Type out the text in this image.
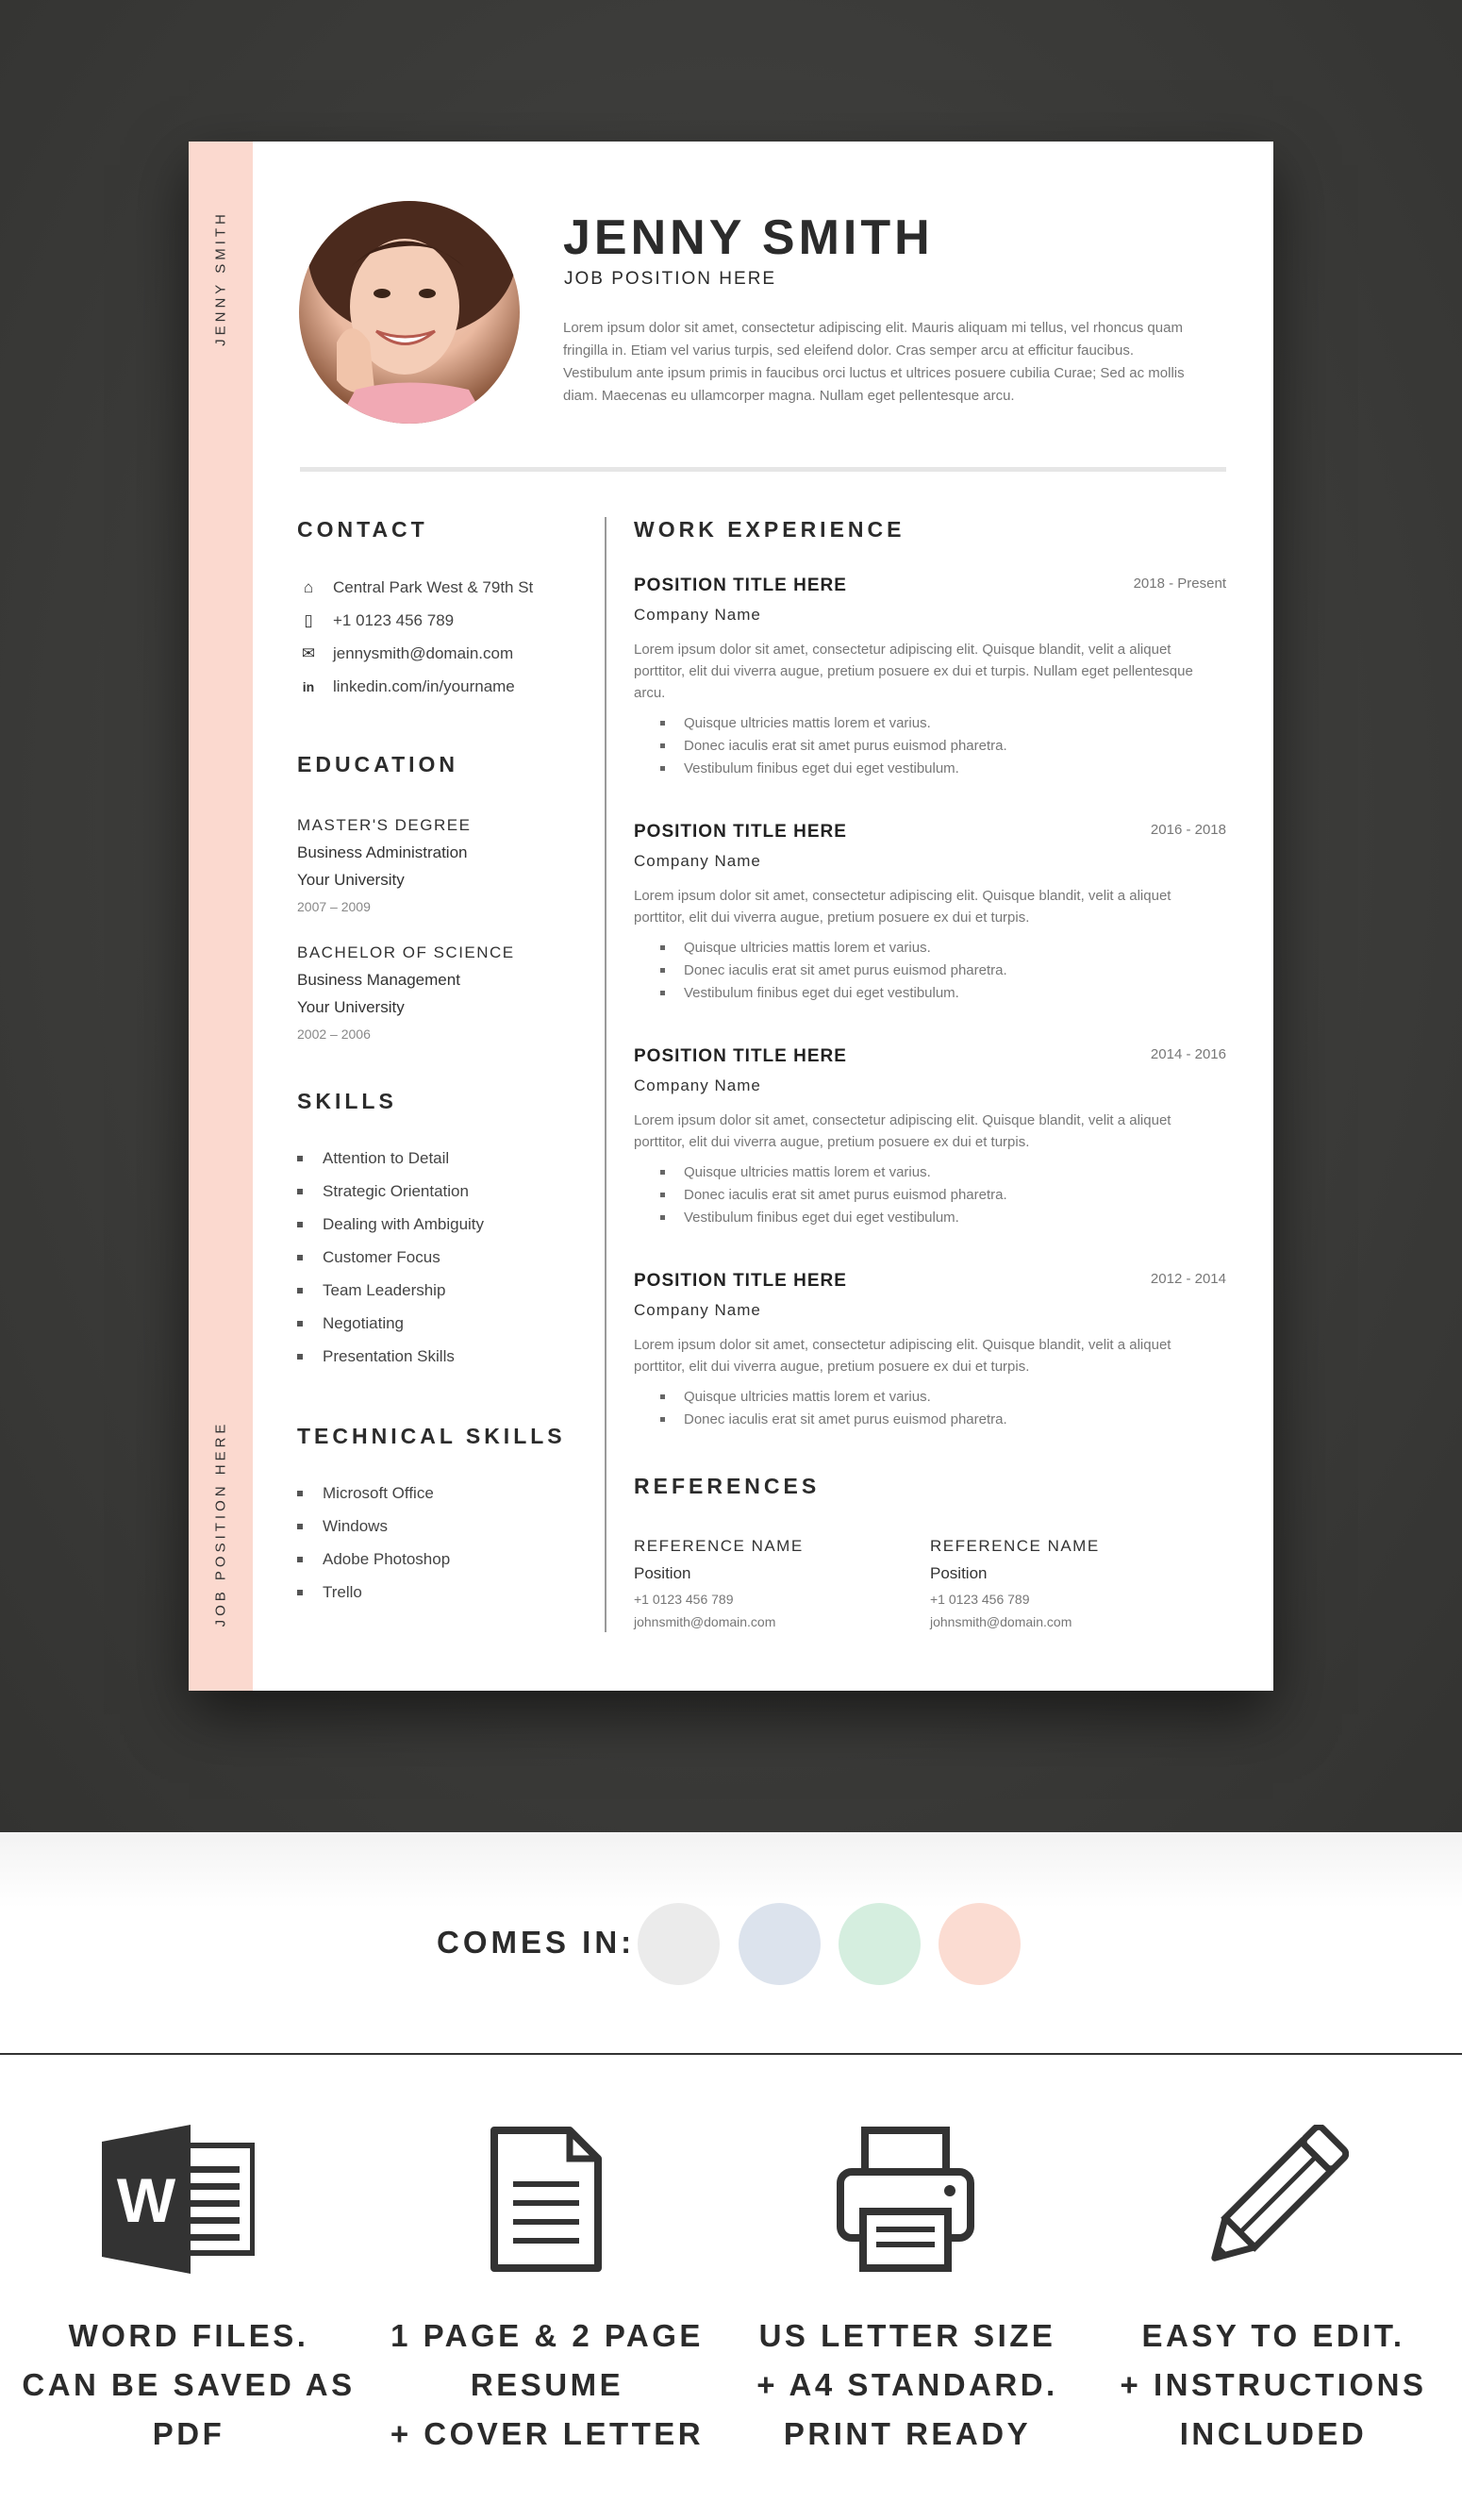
JENNY SMITH
JOB POSITION HERE
JENNY SMITH
JOB POSITION HERE
Lorem ipsum dolor sit amet, consectetur adipiscing elit. Mauris aliquam mi tellus, vel rhoncus quam fringilla in. Etiam vel varius turpis, sed eleifend dolor. Cras semper arcu at efficitur faucibus. Vestibulum ante ipsum primis in faucibus orci luctus et ultrices posuere cubilia Curae; Sed ac mollis diam. Maecenas eu ullamcorper magna. Nullam eget pellentesque arcu.
CONTACT
⌂ Central Park West & 79th St
▯	+1 0123 456 789
✉ jennysmith@domain.com
in linkedin.com/in/yourname
EDUCATION
MASTER'S DEGREE
Business Administration
Your University
2007 – 2009
BACHELOR OF SCIENCE
Business Management
Your University
2002 – 2006
SKILLS
Attention to Detail
Strategic Orientation
Dealing with Ambiguity
Customer Focus
Team Leadership
Negotiating
Presentation Skills
TECHNICAL SKILLS
Microsoft Office
Windows
Adobe Photoshop
Trello
WORK EXPERIENCE
POSITION TITLE HERE	2018 - Present
Company Name
Lorem ipsum dolor sit amet, consectetur adipiscing elit. Quisque blandit, velit a aliquet porttitor, elit dui viverra augue, pretium posuere ex dui et turpis. Nullam eget pellentesque arcu.
Quisque ultricies mattis lorem et varius.
Donec iaculis erat sit amet purus euismod pharetra.
Vestibulum finibus eget dui eget vestibulum.
POSITION TITLE HERE	2016 - 2018
Company Name
Lorem ipsum dolor sit amet, consectetur adipiscing elit. Quisque blandit, velit a aliquet porttitor, elit dui viverra augue, pretium posuere ex dui et turpis.
Quisque ultricies mattis lorem et varius.
Donec iaculis erat sit amet purus euismod pharetra.
Vestibulum finibus eget dui eget vestibulum.
POSITION TITLE HERE	2014 - 2016
Company Name
Lorem ipsum dolor sit amet, consectetur adipiscing elit. Quisque blandit, velit a aliquet porttitor, elit dui viverra augue, pretium posuere ex dui et turpis.
Quisque ultricies mattis lorem et varius.
Donec iaculis erat sit amet purus euismod pharetra.
Vestibulum finibus eget dui eget vestibulum.
POSITION TITLE HERE	2012 - 2014
Company Name
Lorem ipsum dolor sit amet, consectetur adipiscing elit. Quisque blandit, velit a aliquet porttitor, elit dui viverra augue, pretium posuere ex dui et turpis.
Quisque ultricies mattis lorem et varius.
Donec iaculis erat sit amet purus euismod pharetra.
REFERENCES
REFERENCE NAME
Position
+1 0123 456 789
johnsmith@domain.com
REFERENCE NAME
Position
+1 0123 456 789
johnsmith@domain.com
COMES IN:
W
WORD FILES.
CAN BE SAVED AS
PDF
1 PAGE & 2 PAGE
RESUME
+ COVER LETTER
US LETTER SIZE
+ A4 STANDARD.
PRINT READY
EASY TO EDIT.
+ INSTRUCTIONS
INCLUDED
